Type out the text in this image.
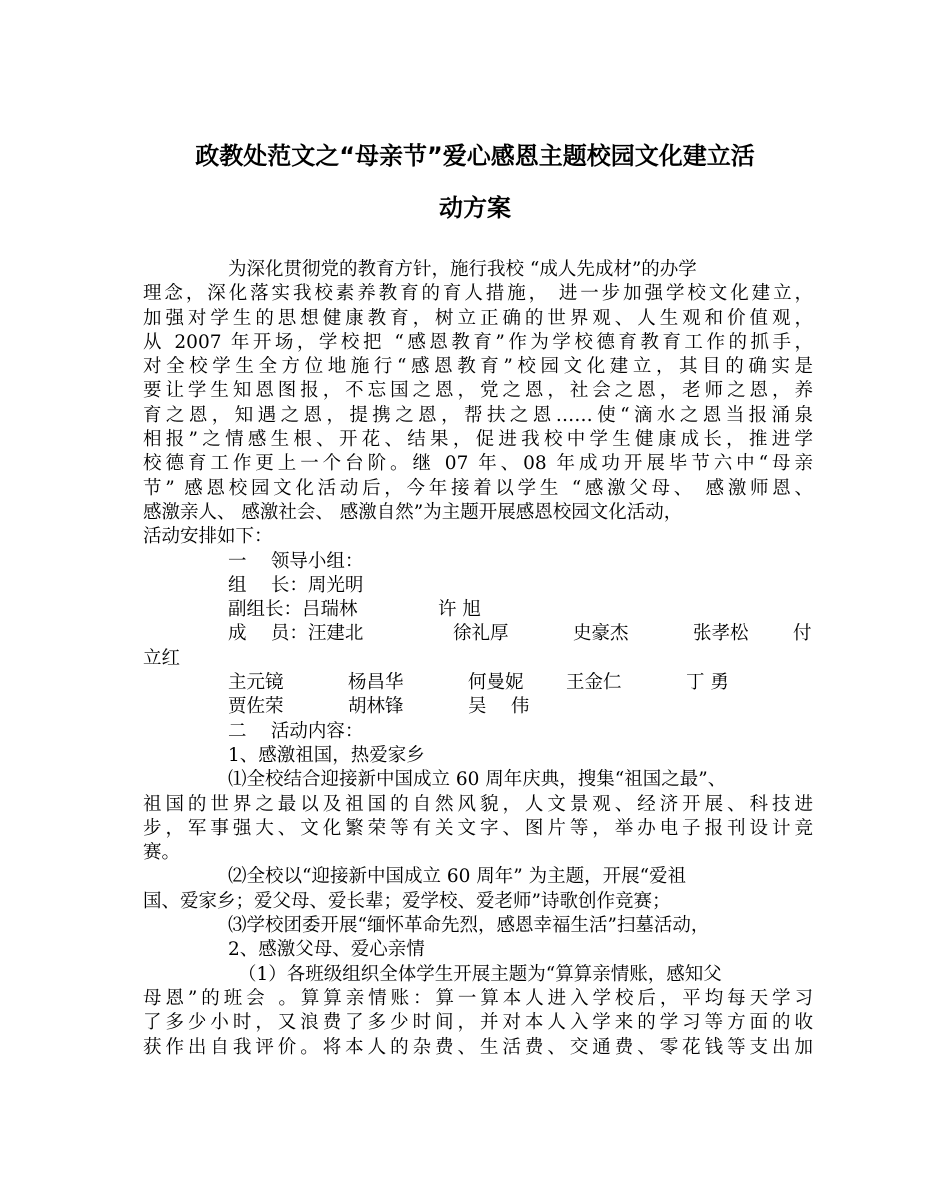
政教处范文之“母亲节”爱心感恩主题校园文化建立活
动方案
为深化贯彻党的教育方针，施行我校 “成人先成材”的办学
理念，深化落实我校素养教育的育人措施， 进一步加强学校文化建立，
加强对学生的思想健康教育，树立正确的世界观、人生观和价值观，
从 2007 年开场，学校把 “感恩教育”作为学校德育教育工作的抓手，
对全校学生全方位地施行“感恩教育”校园文化建立，其目的确实是
要让学生知恩图报，不忘国之恩，党之恩，社会之恩，老师之恩，养
育之恩，知遇之恩，提携之恩，帮扶之恩……使“滴水之恩当报涌泉
相报”之情感生根、开花、结果，促进我校中学生健康成长，推进学
校德育工作更上一个台阶。继 07 年、08 年成功开展毕节六中“母亲
节” 感恩校园文化活动后，今年接着以学生 “感激父母、 感激师恩、
感激亲人、 感激社会、 感激自然”为主题开展感恩校园文化活动，
活动安排如下：
一　 领导小组：
组　 长：周光明
副组长：吕瑞林	许 旭
成　 员：汪建北	徐礼厚	史豪杰	张孝松	付
立红
主元镜	杨昌华	何曼妮	王金仁	丁 勇
贾佐荣	胡林锋	吴　 伟
二　 活动内容：
1、感激祖国，热爱家乡
⑴全校结合迎接新中国成立 60 周年庆典，搜集“祖国之最”、
祖国的世界之最以及祖国的自然风貌，人文景观、经济开展、科技进
步，军事强大、文化繁荣等有关文字、图片等，举办电子报刊设计竞
赛。
⑵全校以“迎接新中国成立 60 周年” 为主题，开展“爱祖
国、爱家乡；爱父母、爱长辈；爱学校、爱老师”诗歌创作竞赛；
⑶学校团委开展“缅怀革命先烈，感恩幸福生活”扫墓活动，
2、感激父母、爱心亲情
（1）各班级组织全体学生开展主题为“算算亲情账，感知父
母恩”的班会 。算算亲情账：算一算本人进入学校后，平均每天学习
了多少小时，又浪费了多少时间，并对本人入学来的学习等方面的收
获作出自我评价。将本人的杂费、生活费、交通费、零花钱等支出加
